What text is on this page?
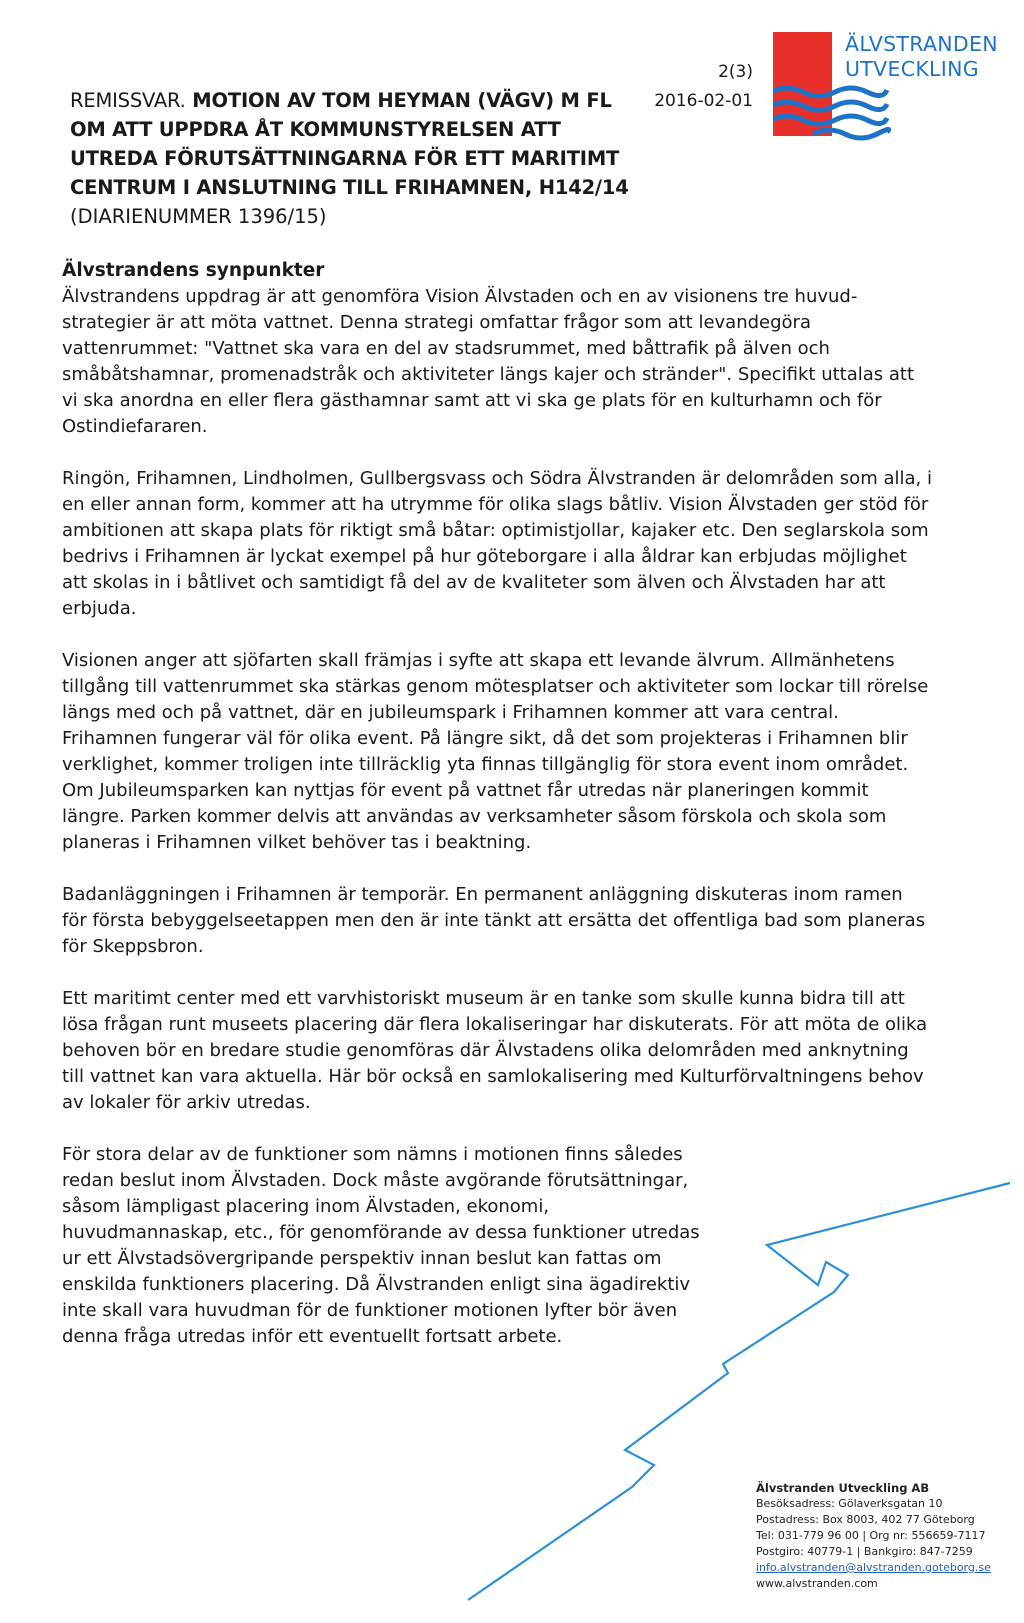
REMISSVAR. MOTION AV TOM HEYMAN (VÄGV) M FL
OM ATT UPPDRA ÅT KOMMUNSTYRELSEN ATT
UTREDA FÖRUTSÄTTNINGARNA FÖR ETT MARITIMT
CENTRUM I ANSLUTNING TILL FRIHAMNEN, H142/14
(DIARIENUMMER 1396/15)
2(3)
2016-02-01
ÄLVSTRANDEN
UTVECKLING
Älvstrandens synpunkter

Älvstrandens uppdrag är att genomföra Vision Älvstaden och en av visionens tre huvud-strategier är att möta vattnet. Denna strategi omfattar frågor som att levandegöra vattenrummet: "Vattnet ska vara en del av stadsrummet, med båttrafik på älven och småbåtshamnar, promenadstråk och aktiviteter längs kajer och stränder". Specifikt uttalas att vi ska anordna en eller flera gästhamnar samt att vi ska ge plats för en kulturhamn och för Ostindiefararen.

Ringön, Frihamnen, Lindholmen, Gullbergsvass och Södra Älvstranden är delområden som alla, i en eller annan form, kommer att ha utrymme för olika slags båtliv. Vision Älvstaden ger stöd för ambitionen att skapa plats för riktigt små båtar: optimistjollar, kajaker etc. Den seglarskola som bedrivs i Frihamnen är lyckat exempel på hur göteborgare i alla åldrar kan erbjudas möjlighet att skolas in i båtlivet och samtidigt få del av de kvaliteter som älven och Älvstaden har att erbjuda.

Visionen anger att sjöfarten skall främjas i syfte att skapa ett levande älvrum. Allmänhetens tillgång till vattenrummet ska stärkas genom mötesplatser och aktiviteter som lockar till rörelse längs med och på vattnet, där en jubileumspark i Frihamnen kommer att vara central. Frihamnen fungerar väl för olika event. På längre sikt, då det som projekteras i Frihamnen blir verklighet, kommer troligen inte tillräcklig yta finnas tillgänglig för stora event inom området. Om Jubileumsparken kan nyttjas för event på vattnet får utredas när planeringen kommit längre. Parken kommer delvis att användas av verksamheter såsom förskola och skola som planeras i Frihamnen vilket behöver tas i beaktning.

Badanläggningen i Frihamnen är temporär. En permanent anläggning diskuteras inom ramen för första bebyggelseetappen men den är inte tänkt att ersätta det offentliga bad som planeras för Skeppsbron.

Ett maritimt center med ett varvhistoriskt museum är en tanke som skulle kunna bidra till att lösa frågan runt museets placering där flera lokaliseringar har diskuterats. För att möta de olika behoven bör en bredare studie genomföras där Älvstadens olika delområden med anknytning till vattnet kan vara aktuella. Här bör också en samlokalisering med Kulturförvaltningens behov av lokaler för arkiv utredas.

För stora delar av de funktioner som nämns i motionen finns således redan beslut inom Älvstaden. Dock måste avgörande förutsättningar, såsom lämpligast placering inom Älvstaden, ekonomi, huvudmannaskap, etc., för genomförande av dessa funktioner utredas ur ett Älvstadsövergripande perspektiv innan beslut kan fattas om enskilda funktioners placering. Då Älvstranden enligt sina ägadirektiv inte skall vara huvudman för de funktioner motionen lyfter bör även denna fråga utredas inför ett eventuellt fortsatt arbete.

Älvstranden Utveckling AB
Besöksadress: Gölaverksgatan 10
Postadress: Box 8003, 402 77 Göteborg
Tel: 031-779 96 00 | Org nr: 556659-7117
Postgiro: 40779-1 | Bankgiro: 847-7259
info.alvstranden@alvstranden.goteborg.se
www.alvstranden.com
